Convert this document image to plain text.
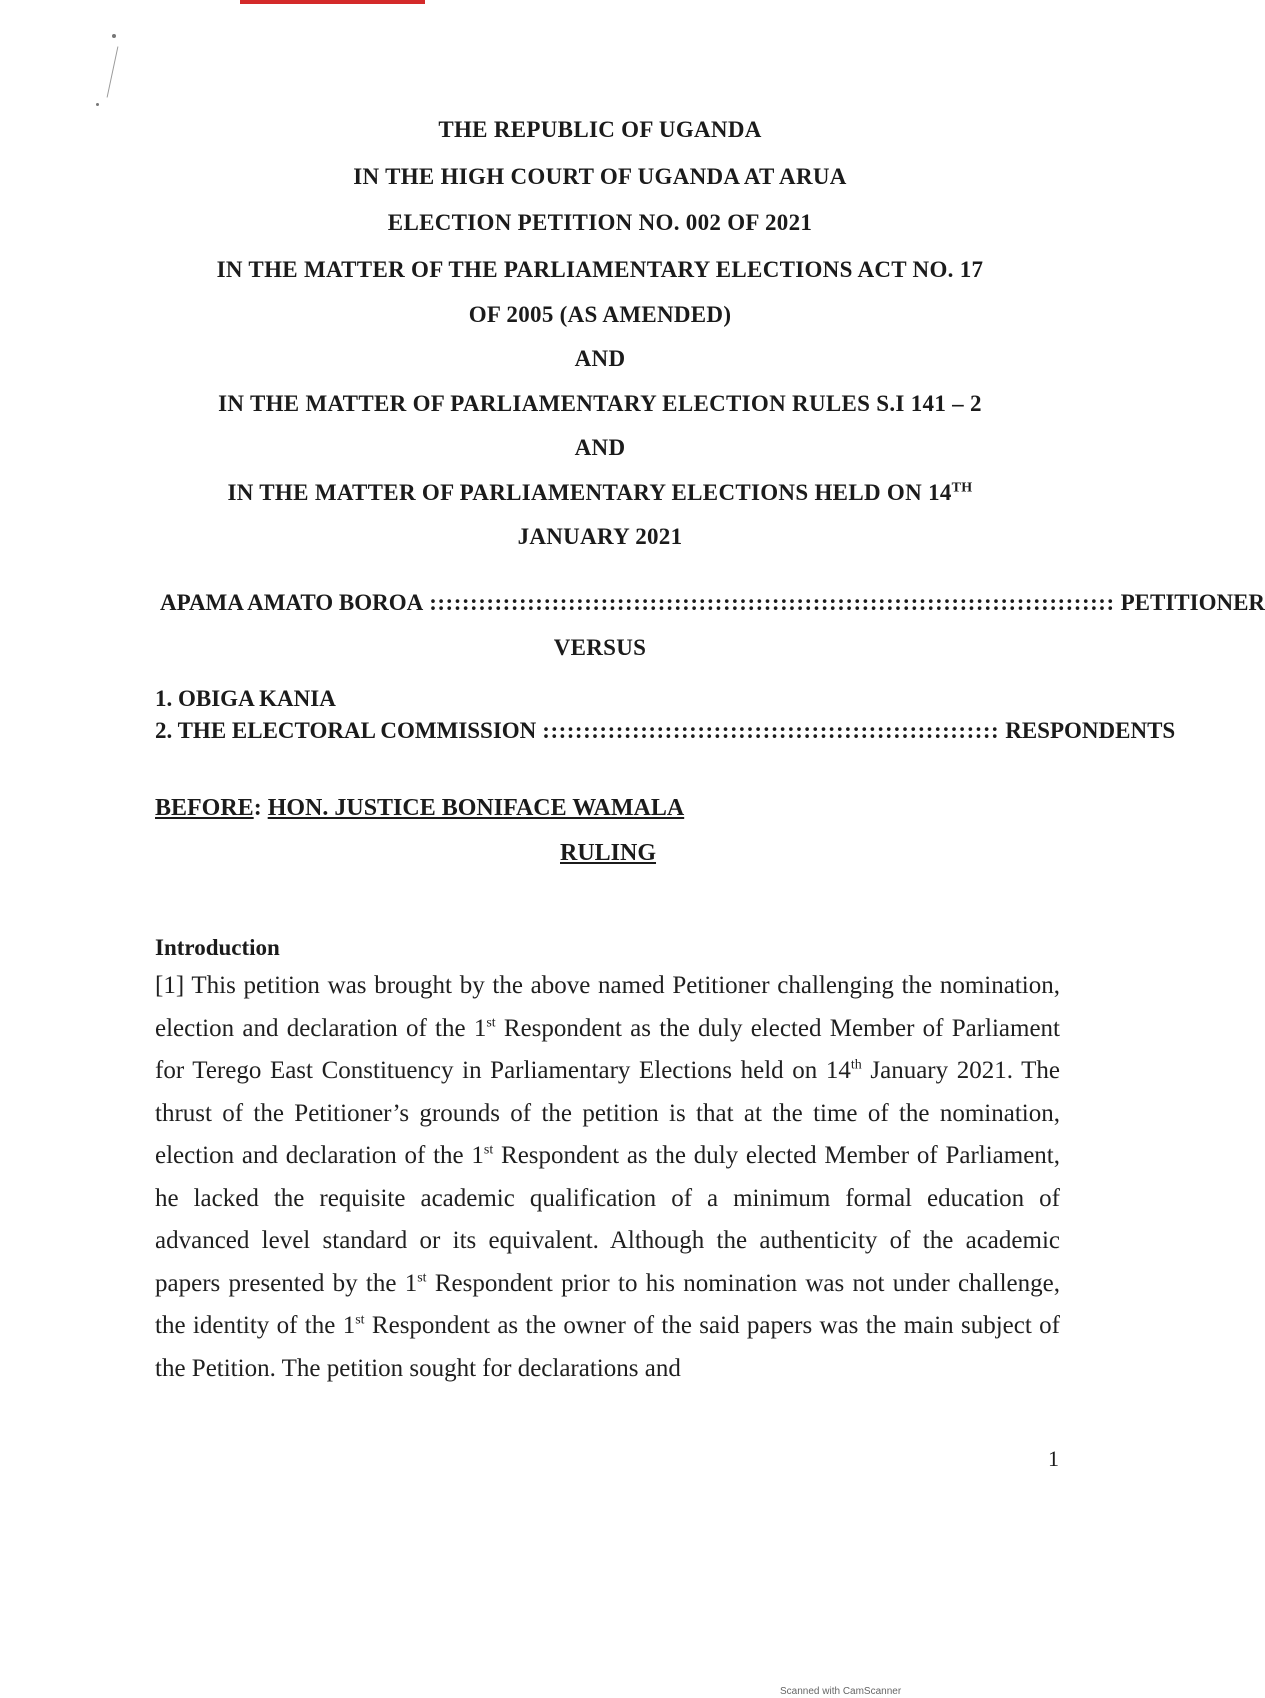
THE REPUBLIC OF UGANDA
IN THE HIGH COURT OF UGANDA AT ARUA
ELECTION PETITION NO. 002 OF 2021
IN THE MATTER OF THE PARLIAMENTARY ELECTIONS ACT NO. 17
OF 2005 (AS AMENDED)
AND
IN THE MATTER OF PARLIAMENTARY ELECTION RULES S.I 141 – 2
AND
IN THE MATTER OF PARLIAMENTARY ELECTIONS HELD ON 14TH
JANUARY 2021
APAMA AMATO BOROA :::::::::::::::::::::::::::::::::::::::::::::::::::::::::::::::::::::::::::::::::::: PETITIONER
VERSUS
1. OBIGA KANIA
2. THE ELECTORAL COMMISSION :::::::::::::::::::::::::::::::::::::::::::::::::::::::: RESPONDENTS
BEFORE: HON. JUSTICE BONIFACE WAMALA
RULING
Introduction
[1] This petition was brought by the above named Petitioner challenging the nomination, election and declaration of the 1st Respondent as the duly elected Member of Parliament for Terego East Constituency in Parliamentary Elections held on 14th January 2021. The thrust of the Petitioner’s grounds of the petition is that at the time of the nomination, election and declaration of the 1st Respondent as the duly elected Member of Parliament, he lacked the requisite academic qualification of a minimum formal education of advanced level standard or its equivalent. Although the authenticity of the academic papers presented by the 1st Respondent prior to his nomination was not under challenge, the identity of the 1st Respondent as the owner of the said papers was the main subject of the Petition. The petition sought for declarations and
1
Scanned with CamScanner
